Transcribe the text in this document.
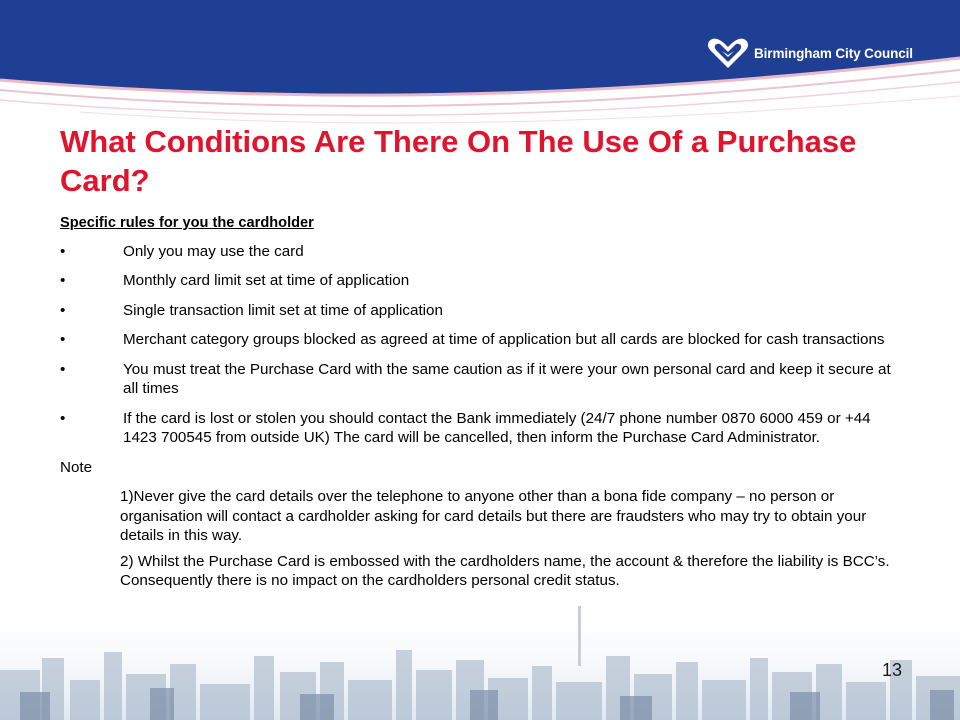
Birmingham City Council
What Conditions Are There On The Use Of a Purchase Card?
Specific rules for you the cardholder
•	Only you may use the card
•	Monthly card limit set at time of application
•	Single transaction limit set at time of application
•	Merchant category groups blocked as agreed at time of application but all cards are blocked for cash transactions
•	You must treat the Purchase Card with the same caution as if it were your own personal card and keep it secure at all times
•	If the card is lost or stolen you should contact the Bank immediately (24/7 phone number 0870 6000 459 or +44 1423 700545 from outside UK) The card will be cancelled, then inform the Purchase Card Administrator.
Note
1)Never give the card details over the telephone to anyone other than a bona fide company – no person or organisation will contact a cardholder asking for card details but there are fraudsters who may try to obtain your details in this way.
2) Whilst the Purchase Card is embossed with the cardholders name, the account & therefore the liability is BCC’s. Consequently there is no impact on the cardholders personal credit status.
13
